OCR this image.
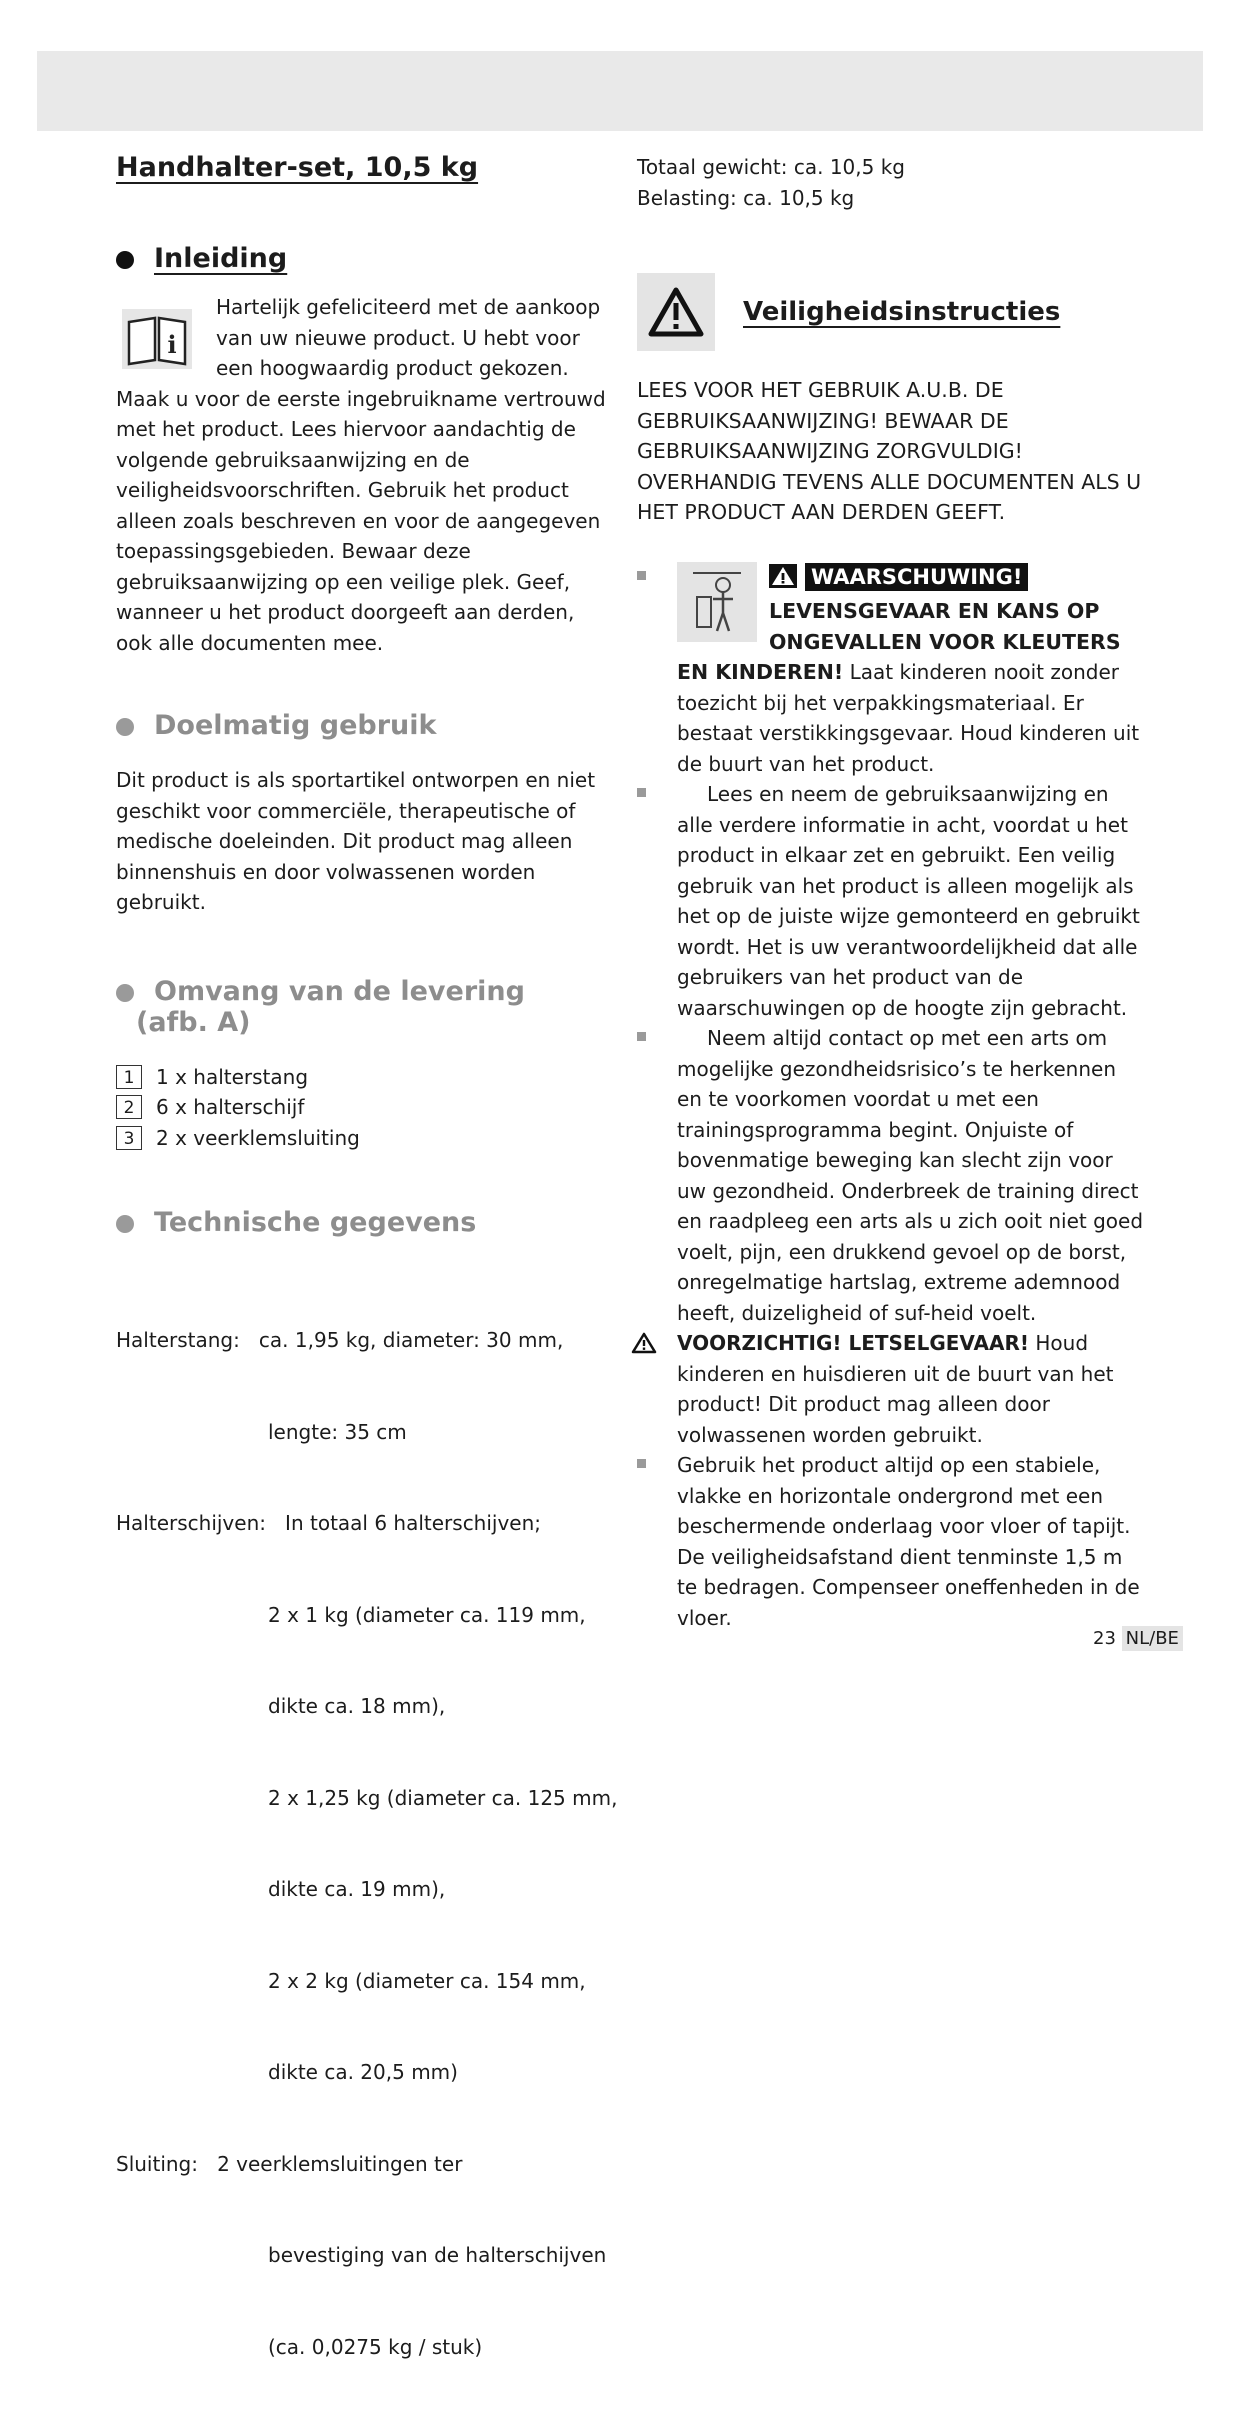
Handhalter-set, 10,5 kg
Inleiding
i

Hartelijk gefeliciteerd met de aankoop van uw nieuwe product. U hebt voor een hoogwaardig product gekozen. Maak u voor de eerste ingebruikname vertrouwd met het product. Lees hiervoor aandachtig de volgende gebruiksaanwijzing en de veiligheidsvoorschriften. Gebruik het product alleen zoals beschreven en voor de aangegeven toepassingsgebieden. Bewaar deze gebruiksaanwijzing op een veilige plek. Geef, wanneer u het product doorgeeft aan derden, ook alle documenten mee.

Doelmatig gebruik

Dit product is als sportartikel ontworpen en niet geschikt voor commerciële, therapeutische of medische doeleinden. Dit product mag alleen binnenshuis en door volwassenen worden gebruikt.

Omvang van de levering
(afb. A)
1	1 x halterstang
2	6 x halterschijf
3	2 x veerklemsluiting
Technische gegevens

Halterstang:   ca. 1,95 kg, diameter: 30 mm,

lengte: 35 cm

Halterschijven:   In totaal 6 halterschijven;

2 x 1 kg (diameter ca. 119 mm,

dikte ca. 18 mm),

2 x 1,25 kg (diameter ca. 125 mm,

dikte ca. 19 mm),

2 x 2 kg (diameter ca. 154 mm,

dikte ca. 20,5 mm)

Sluiting:   2 veerklemsluitingen ter

bevestiging van de halterschijven

(ca. 0,0275 kg / stuk)

Totaal gewicht: ca. 10,5 kg

Belasting: ca. 10,5 kg

Veiligheidsinstructies

LEES VOOR HET GEBRUIK A.U.B. DE GEBRUIKSAANWIJZING! BEWAAR DE GEBRUIKSAANWIJZING ZORGVULDIG! OVERHANDIG TEVENS ALLE DOCUMENTEN ALS U HET PRODUCT AAN DERDEN GEEFT.

WAARSCHUWING! LEVENSGEVAAR EN KANS OP ONGEVALLEN VOOR KLEUTERS EN KINDEREN! Laat kinderen nooit zonder toezicht bij het verpakkingsmateriaal. Er bestaat verstikkingsgevaar. Houd kinderen uit de buurt van het product.

Lees en neem de gebruiksaanwijzing en alle verdere informatie in acht, voordat u het product in elkaar zet en gebruikt. Een veilig gebruik van het product is alleen mogelijk als het op de juiste wijze gemonteerd en gebruikt wordt. Het is uw verantwoordelijkheid dat alle gebruikers van het product van de waarschuwingen op de hoogte zijn gebracht.

Neem altijd contact op met een arts om mogelijke gezondheidsrisico’s te herkennen en te voorkomen voordat u met een trainingsprogramma begint. Onjuiste of bovenmatige beweging kan slecht zijn voor uw gezondheid. Onderbreek de training direct en raadpleeg een arts als u zich ooit niet goed voelt, pijn, een drukkend gevoel op de borst, onregelmatige hartslag, extreme ademnood heeft, duizeligheid of suf-heid voelt.

VOORZICHTIG! LETSELGEVAAR! Houd kinderen en huisdieren uit de buurt van het product! Dit product mag alleen door volwassenen worden gebruikt.

Gebruik het product altijd op een stabiele, vlakke en horizontale ondergrond met een beschermende onderlaag voor vloer of tapijt. De veiligheidsafstand dient tenminste 1,5 m te bedragen. Compenseer oneffenheden in de vloer.

23 NL/BE
